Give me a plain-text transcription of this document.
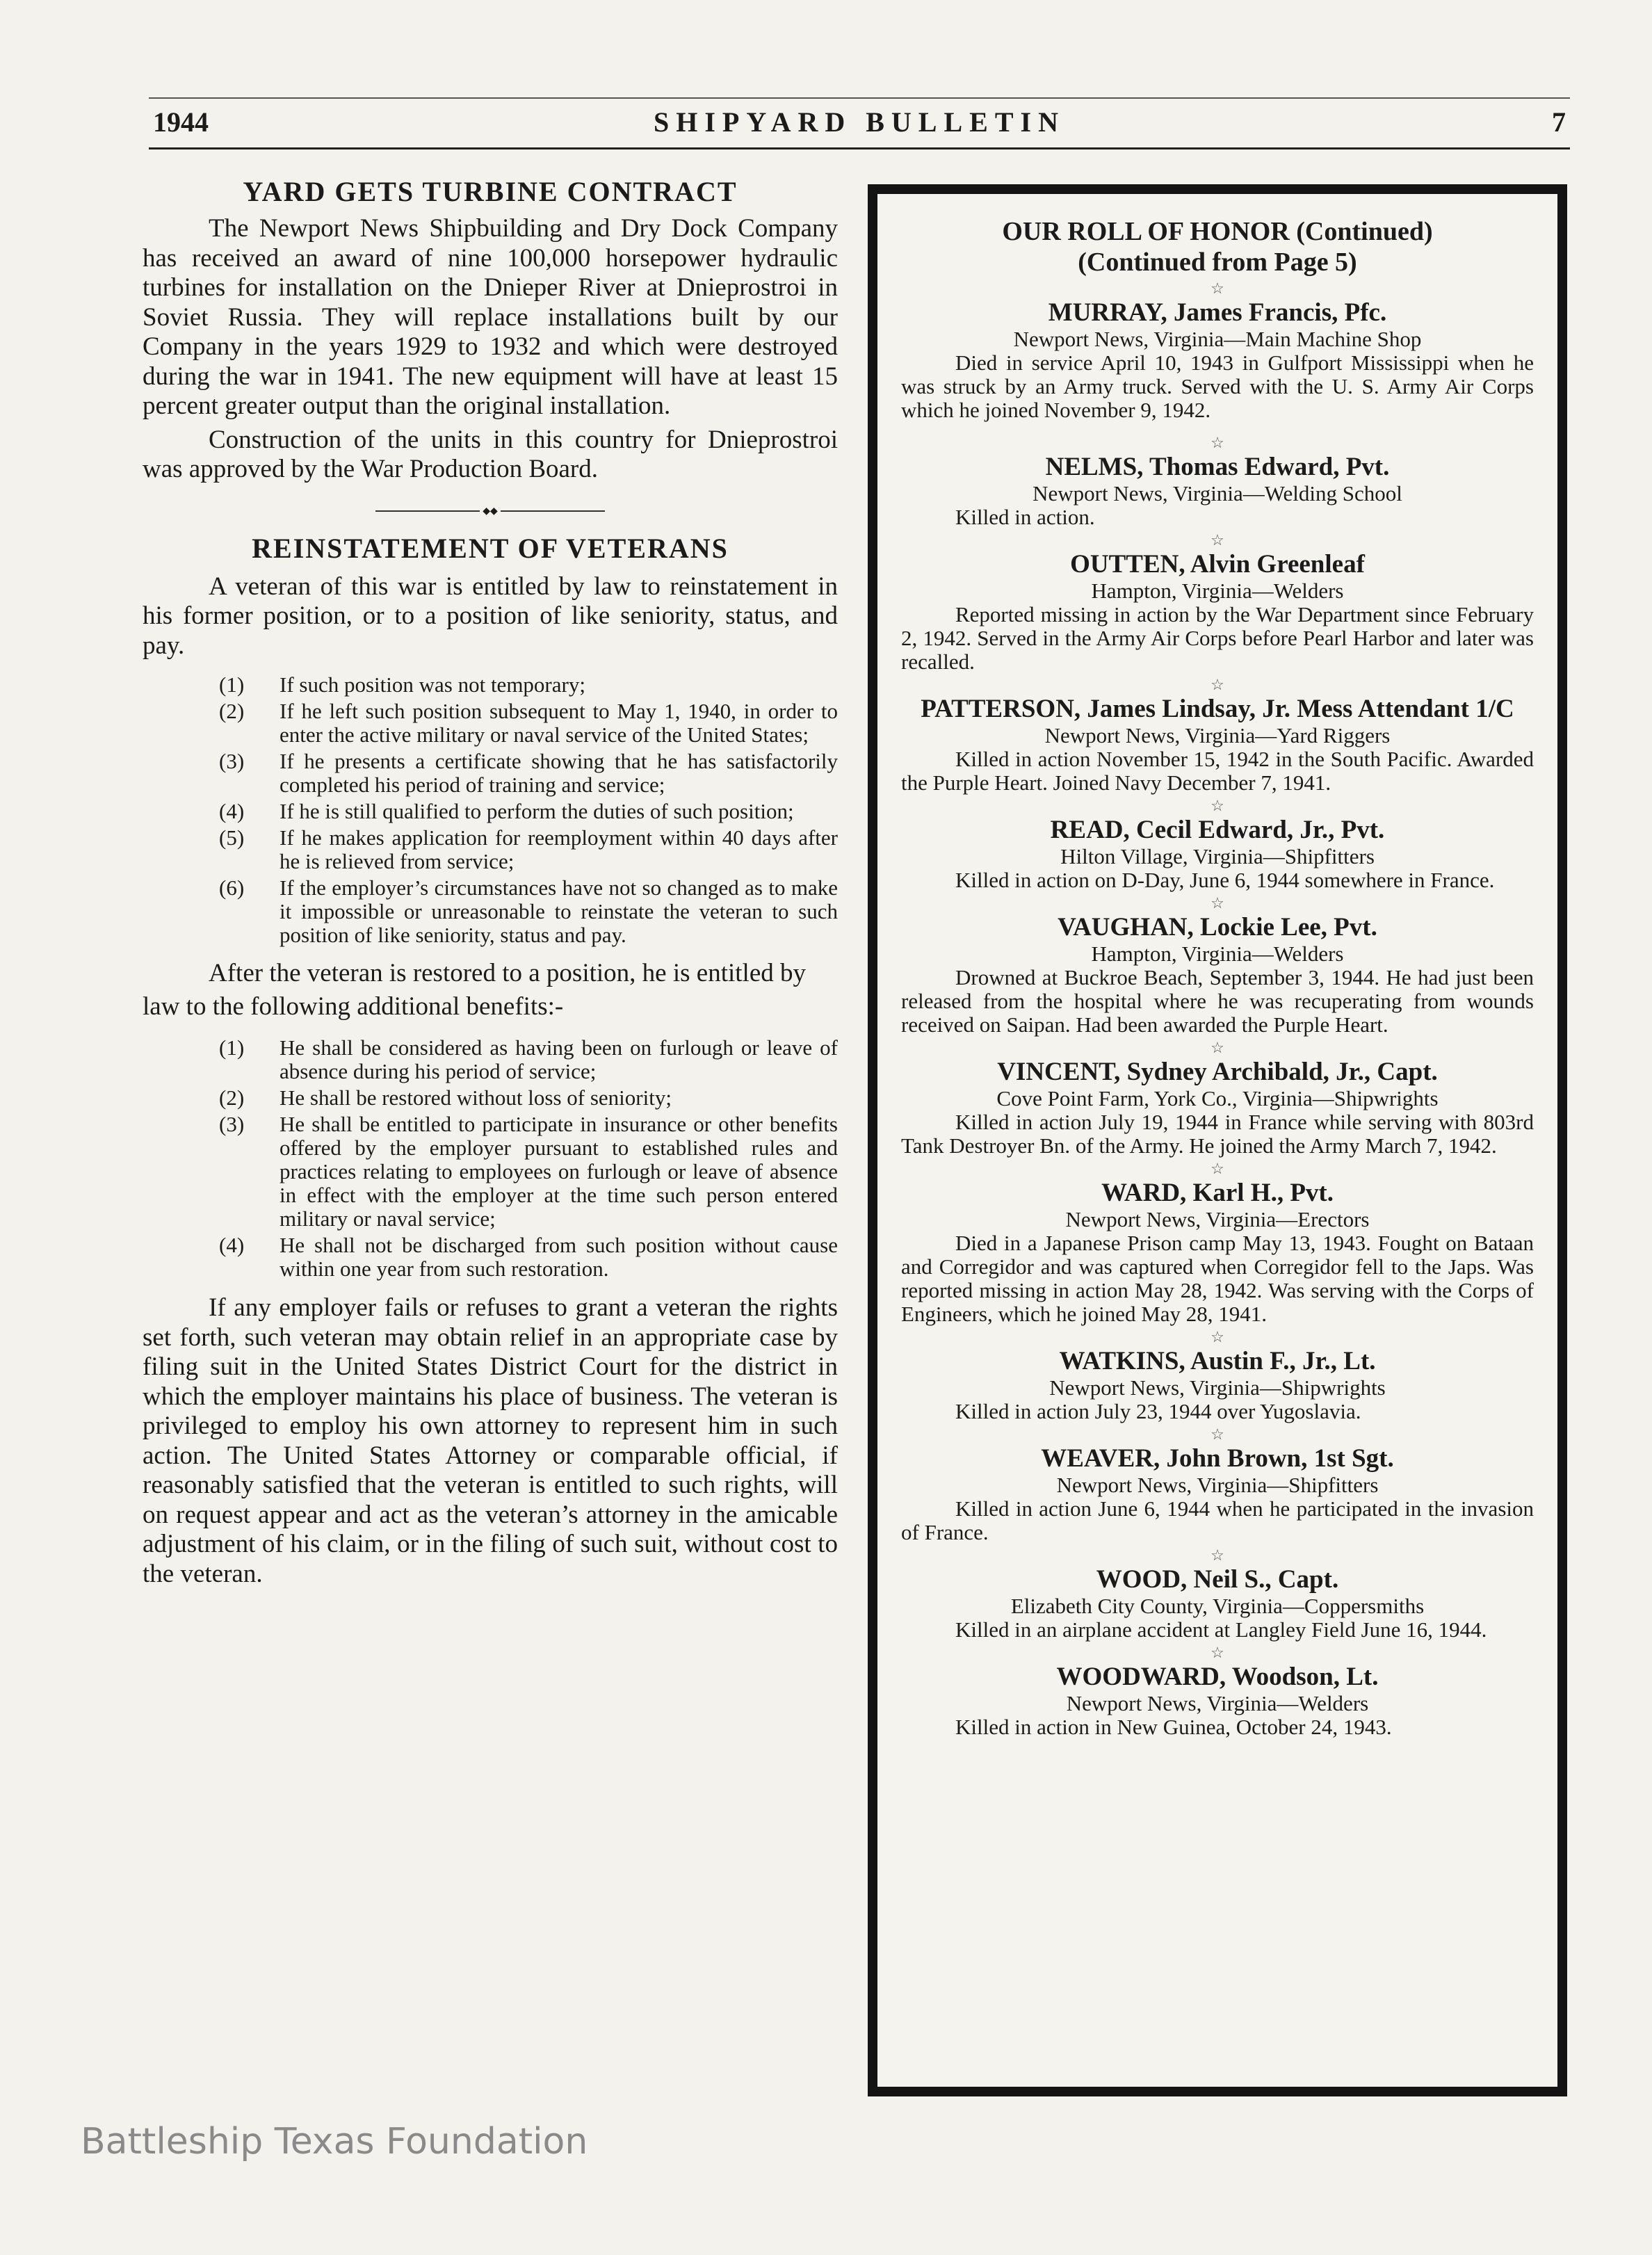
1944	SHIPYARD BULLETIN	7
YARD GETS TURBINE CONTRACT

The Newport News Shipbuilding and Dry Dock Company has received an award of nine 100,000 horsepower hydraulic turbines for installation on the Dnieper River at Dnieprostroi in Soviet Russia. They will replace installations built by our Company in the years 1929 to 1932 and which were destroyed during the war in 1941. The new equipment will have at least 15 percent greater output than the original installation.

Construction of the units in this country for Dnieprostroi was approved by the War Production Board.

◆◆
REINSTATEMENT OF VETERANS

A veteran of this war is entitled by law to reinstatement in his former position, or to a position of like seniority, status, and pay.

(1) If such position was not temporary;
(2) If he left such position subsequent to May 1, 1940, in order to enter the active military or naval service of the United States;
(3) If he presents a certificate showing that he has satisfactorily completed his period of training and service;
(4) If he is still qualified to perform the duties of such position;
(5) If he makes application for reemployment within 40 days after he is relieved from service;
(6) If the employer’s circumstances have not so changed as to make it impossible or unreasonable to reinstate the veteran to such position of like seniority, status and pay.

After the veteran is restored to a position, he is entitled by law to the following additional benefits:-

(1) He shall be considered as having been on furlough or leave of absence during his period of service;
(2) He shall be restored without loss of seniority;
(3) He shall be entitled to participate in insurance or other benefits offered by the employer pursuant to established rules and practices relating to employees on furlough or leave of absence in effect with the employer at the time such person entered military or naval service;
(4) He shall not be discharged from such position without cause within one year from such restoration.

If any employer fails or refuses to grant a veteran the rights set forth, such veteran may obtain relief in an appropriate case by filing suit in the United States District Court for the district in which the employer maintains his place of business. The veteran is privileged to employ his own attorney to represent him in such action. The United States Attorney or comparable official, if reasonably satisfied that the veteran is entitled to such rights, will on request appear and act as the veteran’s attorney in the amicable adjustment of his claim, or in the filing of such suit, without cost to the veteran.

OUR ROLL OF HONOR (Continued)

(Continued from Page 5)

☆

MURRAY, James Francis, Pfc.

Newport News, Virginia—Main Machine Shop

Died in service April 10, 1943 in Gulfport Mississippi when he was struck by an Army truck. Served with the U. S. Army Air Corps which he joined November 9, 1942.

☆

NELMS, Thomas Edward, Pvt.

Newport News, Virginia—Welding School

Killed in action.

☆

OUTTEN, Alvin Greenleaf

Hampton, Virginia—Welders

Reported missing in action by the War Department since February 2, 1942. Served in the Army Air Corps before Pearl Harbor and later was recalled.

☆

PATTERSON, James Lindsay, Jr. Mess Attendant 1/C

Newport News, Virginia—Yard Riggers

Killed in action November 15, 1942 in the South Pacific. Awarded the Purple Heart. Joined Navy December 7, 1941.

☆

READ, Cecil Edward, Jr., Pvt.

Hilton Village, Virginia—Shipfitters

Killed in action on D-Day, June 6, 1944 somewhere in France.

☆

VAUGHAN, Lockie Lee, Pvt.

Hampton, Virginia—Welders

Drowned at Buckroe Beach, September 3, 1944. He had just been released from the hospital where he was recuperating from wounds received on Saipan. Had been awarded the Purple Heart.

☆

VINCENT, Sydney Archibald, Jr., Capt.

Cove Point Farm, York Co., Virginia—Shipwrights

Killed in action July 19, 1944 in France while serving with 803rd Tank Destroyer Bn. of the Army. He joined the Army March 7, 1942.

☆

WARD, Karl H., Pvt.

Newport News, Virginia—Erectors

Died in a Japanese Prison camp May 13, 1943. Fought on Bataan and Corregidor and was captured when Corregidor fell to the Japs. Was reported missing in action May 28, 1942. Was serving with the Corps of Engineers, which he joined May 28, 1941.

☆

WATKINS, Austin F., Jr., Lt.

Newport News, Virginia—Shipwrights

Killed in action July 23, 1944 over Yugoslavia.

☆

WEAVER, John Brown, 1st Sgt.

Newport News, Virginia—Shipfitters

Killed in action June 6, 1944 when he participated in the invasion of France.

☆

WOOD, Neil S., Capt.

Elizabeth City County, Virginia—Coppersmiths

Killed in an airplane accident at Langley Field June 16, 1944.

☆

WOODWARD, Woodson, Lt.

Newport News, Virginia—Welders

Killed in action in New Guinea, October 24, 1943.

Battleship Texas Foundation
